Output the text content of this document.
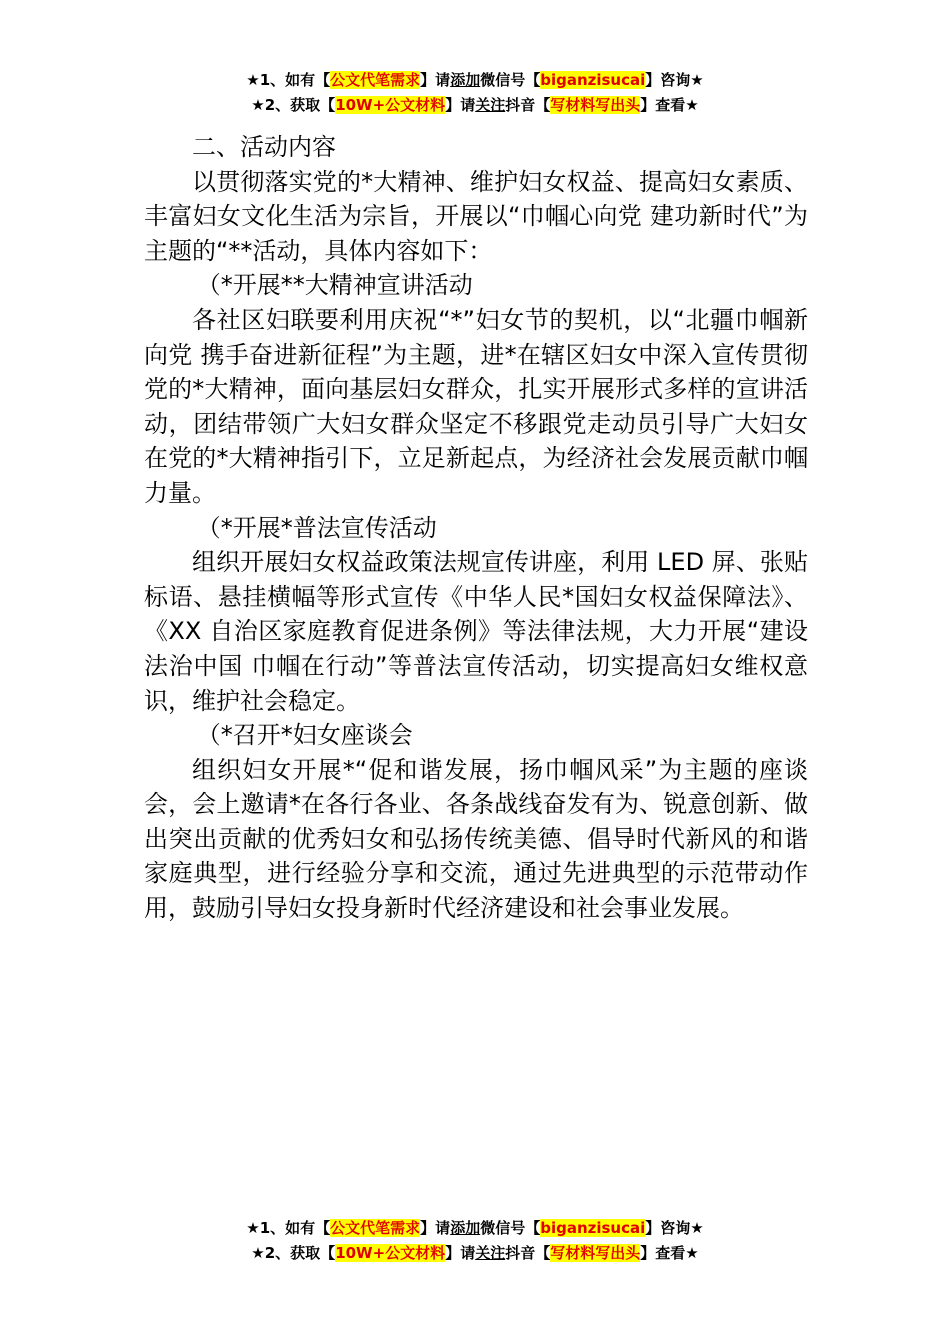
★1、如有【公文代笔需求】请添加微信号【biganzisucai】咨询★
★2、获取【10W+公文材料】请关注抖音【写材料写出头】查看★

二、活动内容

以贯彻落实党的*大精神、维护妇女权益、提高妇女素质、丰富妇女文化生活为宗旨，开展以“巾帼心向党 建功新时代”为主题的“**活动，具体内容如下：

（*开展**大精神宣讲活动

各社区妇联要利用庆祝“*”妇女节的契机，以“北疆巾帼新向党 携手奋进新征程”为主题，进*在辖区妇女中深入宣传贯彻党的*大精神，面向基层妇女群众，扎实开展形式多样的宣讲活动，团结带领广大妇女群众坚定不移跟党走动员引导广大妇女在党的*大精神指引下，立足新起点，为经济社会发展贡献巾帼力量。

（*开展*普法宣传活动

组织开展妇女权益政策法规宣传讲座，利用 LED 屏、张贴标语、悬挂横幅等形式宣传《中华人民*国妇女权益保障法》、《XX 自治区家庭教育促进条例》等法律法规，大力开展“建设法治中国 巾帼在行动”等普法宣传活动，切实提高妇女维权意识，维护社会稳定。

（*召开*妇女座谈会

组织妇女开展*“促和谐发展，扬巾帼风采”为主题的座谈会，会上邀请*在各行各业、各条战线奋发有为、锐意创新、做出突出贡献的优秀妇女和弘扬传统美德、倡导时代新风的和谐家庭典型，进行经验分享和交流，通过先进典型的示范带动作用，鼓励引导妇女投身新时代经济建设和社会事业发展。

★1、如有【公文代笔需求】请添加微信号【biganzisucai】咨询★
★2、获取【10W+公文材料】请关注抖音【写材料写出头】查看★
